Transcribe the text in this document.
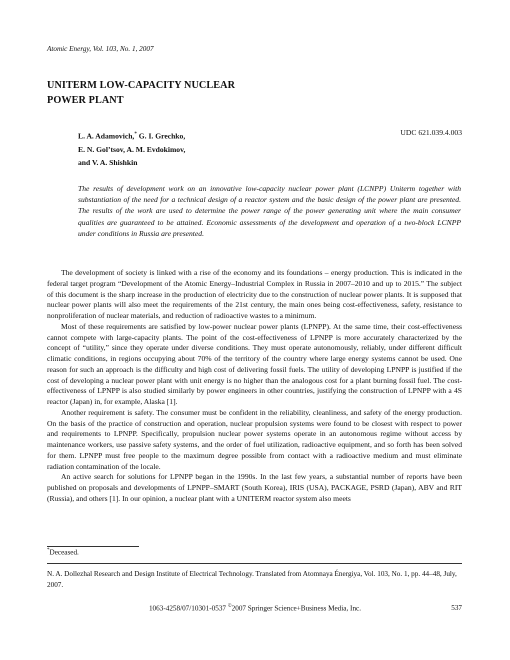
Atomic Energy, Vol. 103, No. 1, 2007
UNITERM LOW-CAPACITY NUCLEAR
POWER PLANT
L. A. Adamovich,* G. I. Grechko,
E. N. Gol’tsov, A. M. Evdokimov,
and V. A. Shishkin
UDC 621.039.4.003
The results of development work on an innovative low-capacity nuclear power plant (LCNPP) Uniterm together with substantiation of the need for a technical design of a reactor system and the basic design of the power plant are presented. The results of the work are used to determine the power range of the power generating unit where the main consumer qualities are guaranteed to be attained. Economic assessments of the development and operation of a two-block LCNPP under conditions in Russia are presented.

The development of society is linked with a rise of the economy and its foundations – energy production. This is indicated in the federal target program “Development of the Atomic Energy–Industrial Complex in Russia in 2007–2010 and up to 2015.” The subject of this document is the sharp increase in the production of electricity due to the construction of nuclear power plants. It is supposed that nuclear power plants will also meet the requirements of the 21st century, the main ones being cost-effectiveness, safety, resistance to nonproliferation of nuclear materials, and reduction of radioactive wastes to a minimum.

Most of these requirements are satisfied by low-power nuclear power plants (LPNPP). At the same time, their cost-effectiveness cannot compete with large-capacity plants. The point of the cost-effectiveness of LPNPP is more accurately characterized by the concept of “utility,” since they operate under diverse conditions. They must operate autonomously, reliably, under different difficult climatic conditions, in regions occupying about 70% of the territory of the country where large energy systems cannot be used. One reason for such an approach is the difficulty and high cost of delivering fossil fuels. The utility of developing LPNPP is justified if the cost of developing a nuclear power plant with unit energy is no higher than the analogous cost for a plant burning fossil fuel. The cost-effectiveness of LPNPP is also studied similarly by power engineers in other countries, justifying the construction of LPNPP with a 4S reactor (Japan) in, for example, Alaska [1].

Another requirement is safety. The consumer must be confident in the reliability, cleanliness, and safety of the energy production. On the basis of the practice of construction and operation, nuclear propulsion systems were found to be closest with respect to power and requirements to LPNPP. Specifically, propulsion nuclear power systems operate in an autonomous regime without access by maintenance workers, use passive safety systems, and the order of fuel utilization, radioactive equipment, and so forth has been solved for them. LPNPP must free people to the maximum degree possible from contact with a radioactive medium and must eliminate radiation contamination of the locale.

An active search for solutions for LPNPP began in the 1990s. In the last few years, a substantial number of reports have been published on proposals and developments of LPNPP–SMART (South Korea), IRIS (USA), PACKAGE, PSRD (Japan), ABV and RIT (Russia), and others [1]. In our opinion, a nuclear plant with a UNITERM reactor system also meets

*Deceased.
N. A. Dollezhal Research and Design Institute of Electrical Technology. Translated from Atomnaya Énergiya, Vol. 103, No. 1, pp. 44–48, July, 2007.
1063-4258/07/10301-0537 ©2007 Springer Science+Business Media, Inc.	537
